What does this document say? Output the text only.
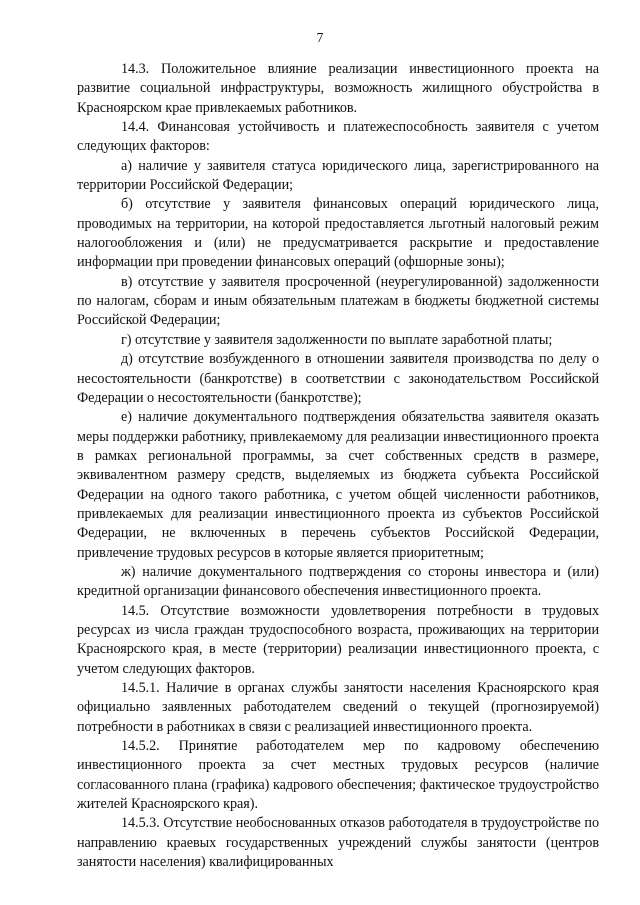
7

14.3. Положительное влияние реализации инвестиционного проекта на развитие социальной инфраструктуры, возможность жилищного обустройства в Красноярском крае привлекаемых работников.

14.4. Финансовая устойчивость и платежеспособность заявителя с учетом следующих факторов:

а) наличие у заявителя статуса юридического лица, зарегистрированного на территории Российской Федерации;

б) отсутствие у заявителя финансовых операций юридического лица, проводимых на территории, на которой предоставляется льготный налоговый режим налогообложения и (или) не предусматривается раскрытие и предоставление информации при проведении финансовых операций (офшорные зоны);

в) отсутствие у заявителя просроченной (неурегулированной) задолженности по налогам, сборам и иным обязательным платежам в бюджеты бюджетной системы Российской Федерации;

г) отсутствие у заявителя задолженности по выплате заработной платы;

д) отсутствие возбужденного в отношении заявителя производства по делу о несостоятельности (банкротстве) в соответствии с законодательством Российской Федерации о несостоятельности (банкротстве);

е) наличие документального подтверждения обязательства заявителя оказать меры поддержки работнику, привлекаемому для реализации инвестиционного проекта в рамках региональной программы, за счет собственных средств в размере, эквивалентном размеру средств, выделяемых из бюджета субъекта Российской Федерации на одного такого работника, с учетом общей численности работников, привлекаемых для реализации инвестиционного проекта из субъектов Российской Федерации, не включенных в перечень субъектов Российской Федерации, привлечение трудовых ресурсов в которые является приоритетным;

ж) наличие документального подтверждения со стороны инвестора и (или) кредитной организации финансового обеспечения инвестиционного проекта.

14.5. Отсутствие возможности удовлетворения потребности в трудовых ресурсах из числа граждан трудоспособного возраста, проживающих на территории Красноярского края, в месте (территории) реализации инвестиционного проекта, с учетом следующих факторов.

14.5.1. Наличие в органах службы занятости населения Красноярского края официально заявленных работодателем сведений о текущей (прогнозируемой) потребности в работниках в связи с реализацией инвестиционного проекта.

14.5.2. Принятие работодателем мер по кадровому обеспечению инвестиционного проекта за счет местных трудовых ресурсов (наличие согласованного плана (графика) кадрового обеспечения; фактическое трудоустройство жителей Красноярского края).

14.5.3. Отсутствие необоснованных отказов работодателя в трудоустройстве по направлению краевых государственных учреждений службы занятости (центров занятости населения) квалифицированных
